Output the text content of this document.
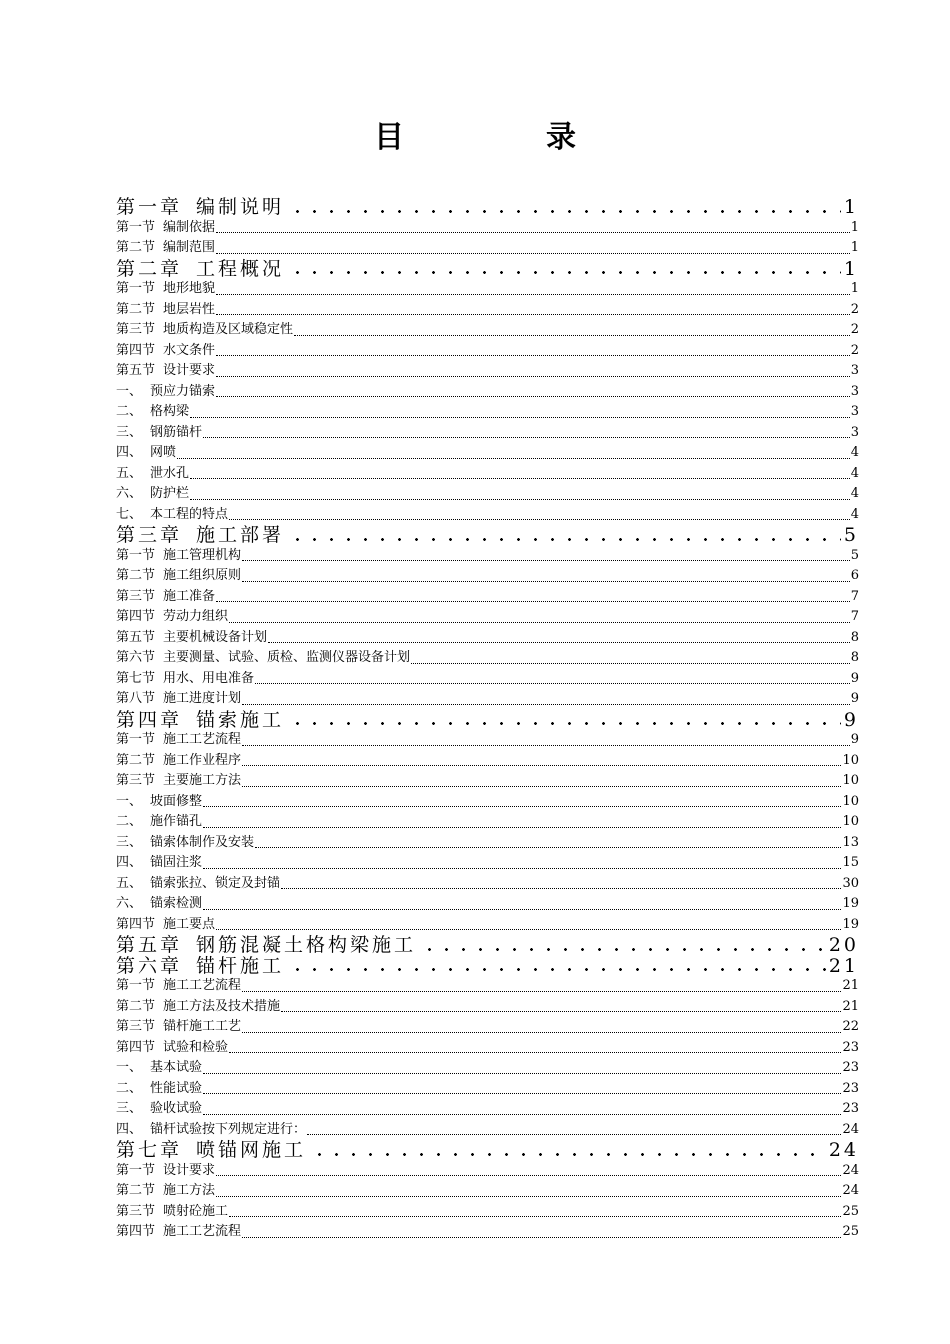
目　录
第一章 编制说明	1
第一节 编制依据	1
第二节 编制范围	1
第二章 工程概况	1
第一节 地形地貌	1
第二节 地层岩性	2
第三节 地质构造及区域稳定性	2
第四节 水文条件	2
第五节 设计要求	3
一、 预应力锚索	3
二、 格构梁	3
三、 钢筋锚杆	3
四、 网喷	4
五、 泄水孔	4
六、 防护栏	4
七、 本工程的特点	4
第三章 施工部署	5
第一节 施工管理机构	5
第二节 施工组织原则	6
第三节 施工准备	7
第四节 劳动力组织	7
第五节 主要机械设备计划	8
第六节 主要测量、试验、质检、监测仪器设备计划	8
第七节 用水、用电准备	9
第八节 施工进度计划	9
第四章 锚索施工	9
第一节 施工工艺流程	9
第二节 施工作业程序	10
第三节 主要施工方法	10
一、 坡面修整	10
二、 施作锚孔	10
三、 锚索体制作及安装	13
四、 锚固注浆	15
五、 锚索张拉、锁定及封锚	30
六、 锚索检测	19
第四节 施工要点	19
第五章 钢筋混凝土格构梁施工	20
第六章 锚杆施工	21
第一节 施工工艺流程	21
第二节 施工方法及技术措施	21
第三节 锚杆施工工艺	22
第四节 试验和检验	23
一、 基本试验	23
二、 性能试验	23
三、 验收试验	23
四、 锚杆试验按下列规定进行：	24
第七章 喷锚网施工	24
第一节 设计要求	24
第二节 施工方法	24
第三节 喷射砼施工	25
第四节 施工工艺流程	25
